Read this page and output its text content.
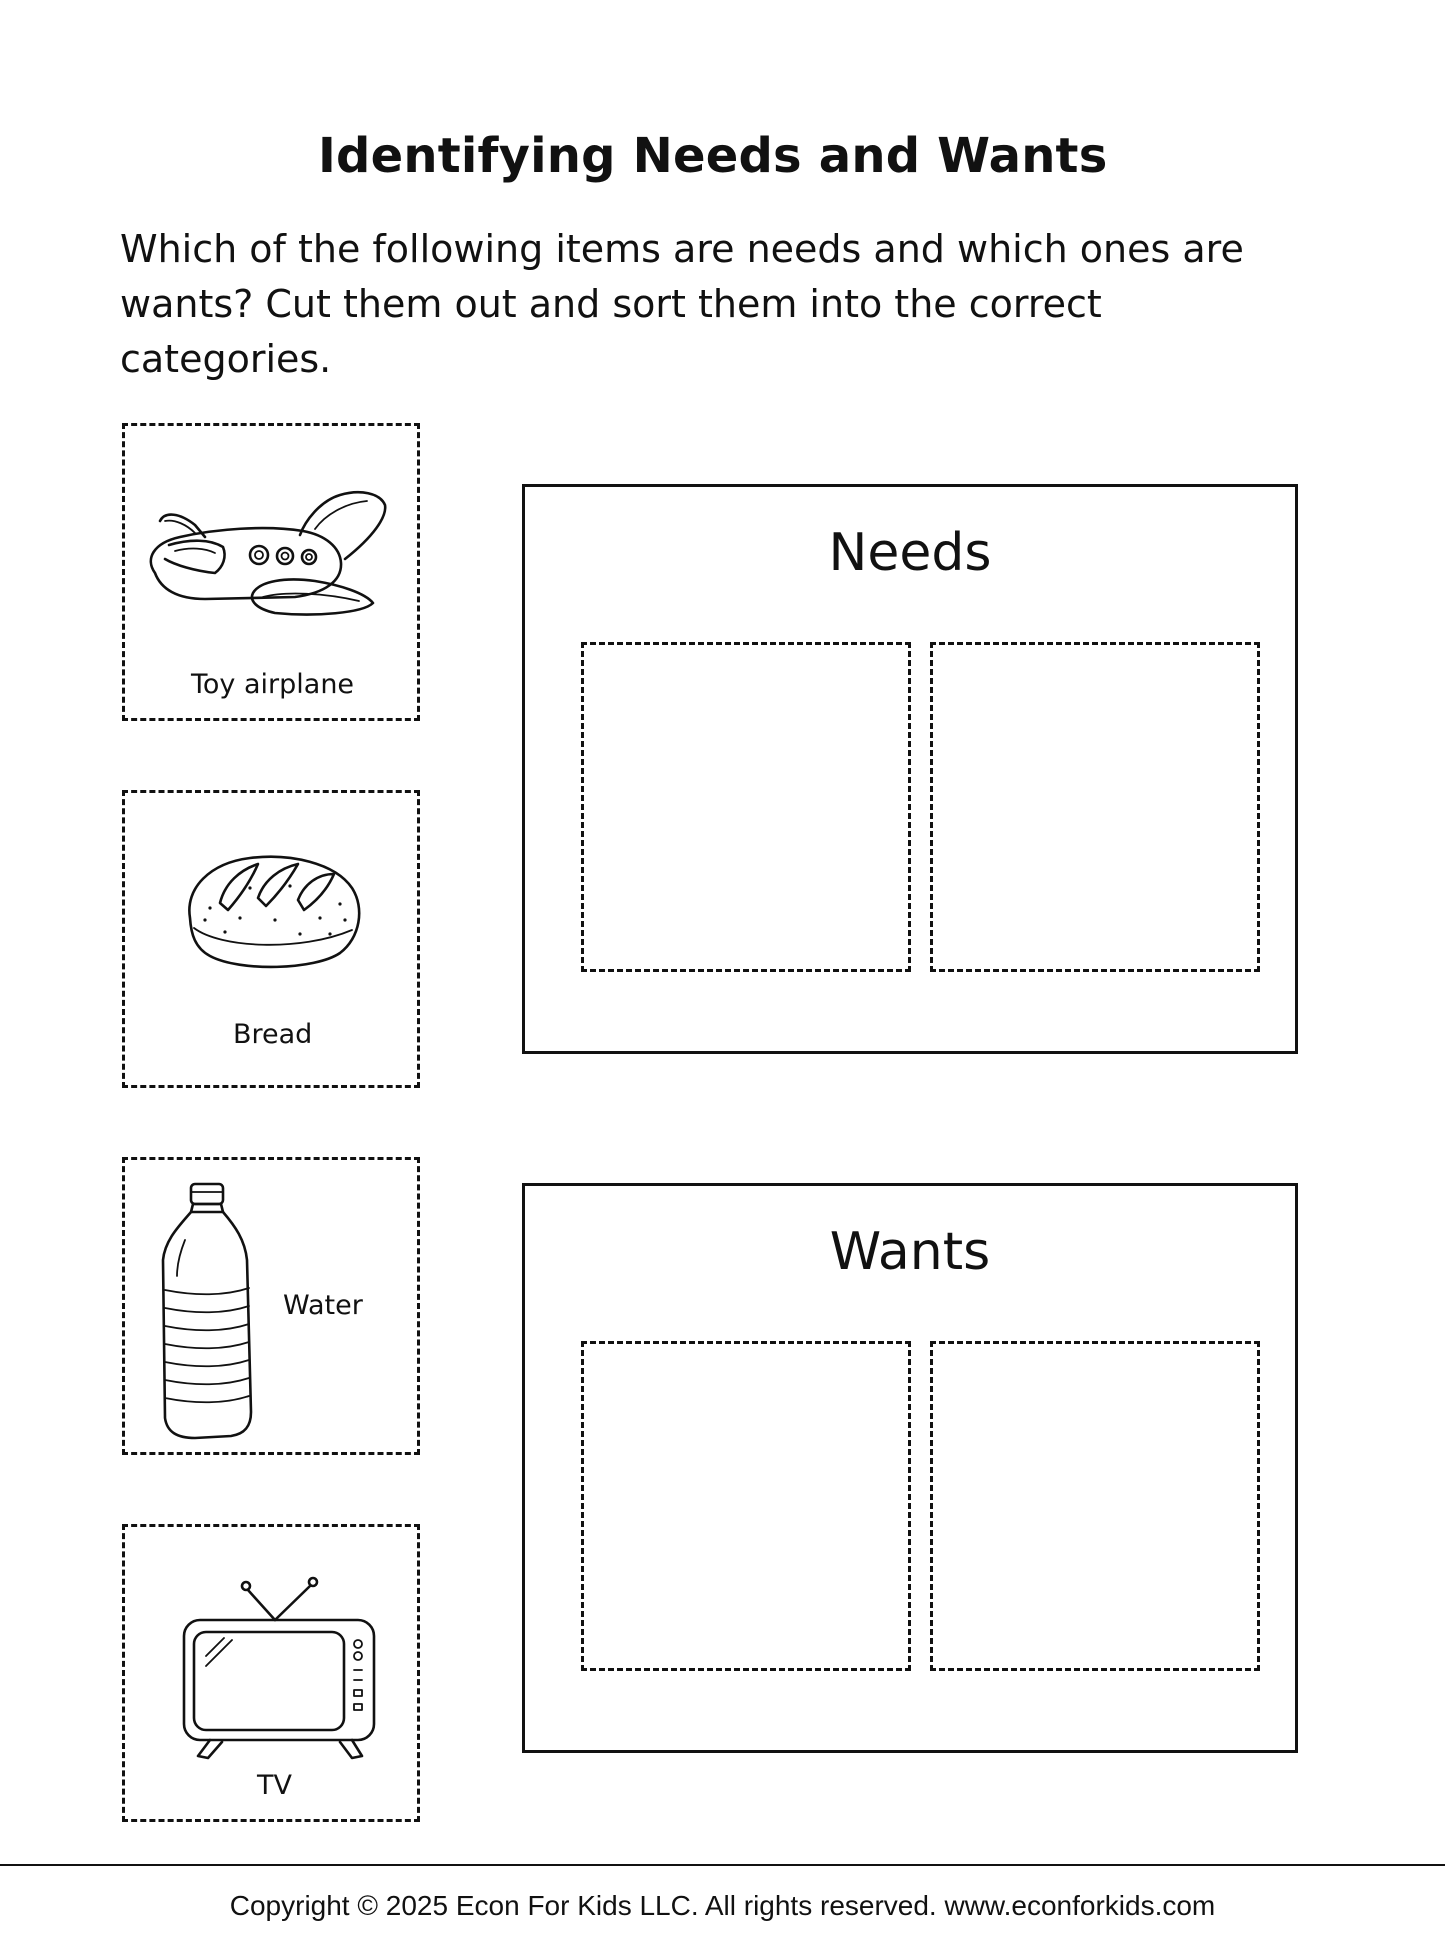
Identifying Needs and Wants

Which of the following items are needs and which ones are wants? Cut them out and sort them into the correct categories.

Toy airplane
Bread
Water
TV
Needs
Wants
Copyright © 2025 Econ For Kids LLC. All rights reserved. www.econforkids.com
